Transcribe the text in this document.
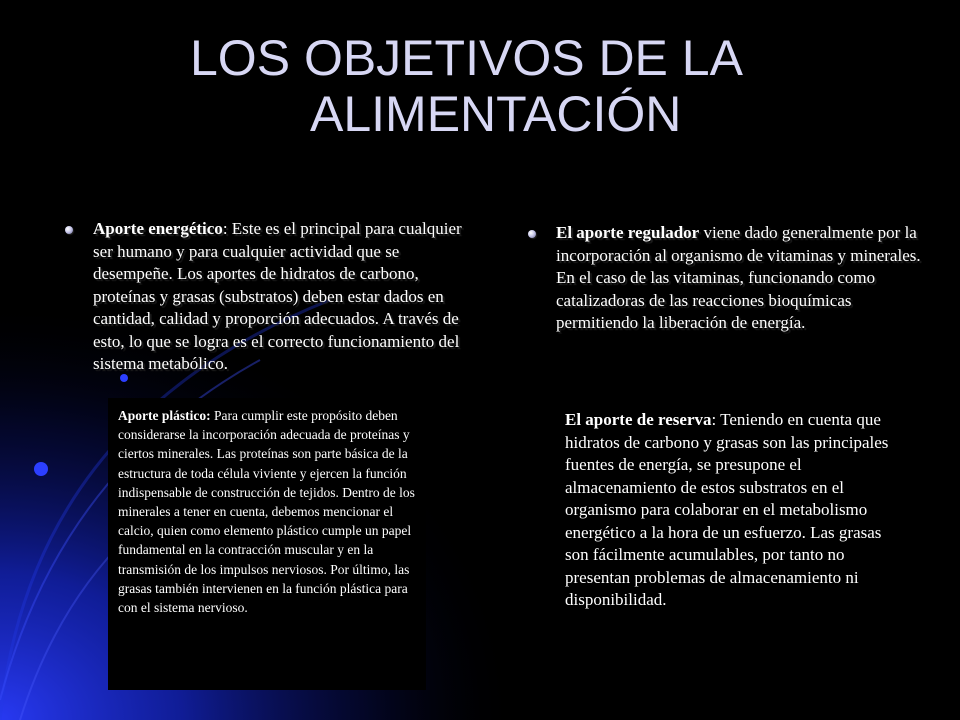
LOS OBJETIVOS DE LA
ALIMENTACIÓN
Aporte energético: Este es el principal para cualquier ser humano y para cualquier actividad que se desempeñe. Los aportes de hidratos de carbono, proteínas y grasas (substratos) deben estar dados en cantidad, calidad y proporción adecuados. A través de esto, lo que se logra es el correcto funcionamiento del sistema metabólico.
El aporte regulador viene dado generalmente por la incorporación al organismo de vitaminas y minerales. En el caso de las vitaminas, funcionando como catalizadoras de las reacciones bioquímicas permitiendo la liberación de energía.
Aporte plástico: Para cumplir este propósito deben considerarse la incorporación adecuada de proteínas y ciertos minerales. Las proteínas son parte básica de la estructura de toda célula viviente y ejercen la función indispensable de construcción de tejidos. Dentro de los minerales a tener en cuenta, debemos mencionar el calcio, quien como elemento plástico cumple un papel fundamental en la contracción muscular y en la transmisión de los impulsos nerviosos. Por último, las grasas también intervienen en la función plástica para con el sistema nervioso.
El aporte de reserva: Teniendo en cuenta que hidratos de carbono y grasas son las principales fuentes de energía, se presupone el almacenamiento de estos substratos en el organismo para colaborar en el metabolismo energético a la hora de un esfuerzo. Las grasas son fácilmente acumulables, por tanto no presentan problemas de almacenamiento ni disponibilidad.
